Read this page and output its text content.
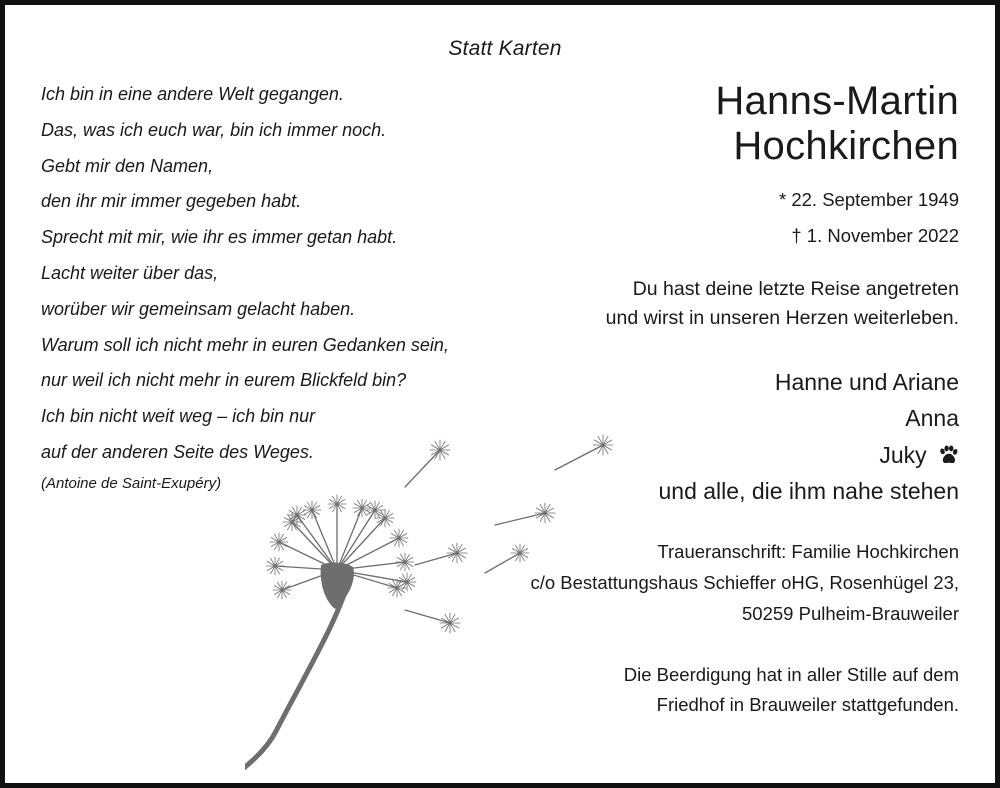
Statt Karten
Ich bin in eine andere Welt gegangen.
Das, was ich euch war, bin ich immer noch.
Gebt mir den Namen,
den ihr mir immer gegeben habt.
Sprecht mit mir, wie ihr es immer getan habt.
Lacht weiter über das,
worüber wir gemeinsam gelacht haben.
Warum soll ich nicht mehr in euren Gedanken sein,
nur weil ich nicht mehr in eurem Blickfeld bin?
Ich bin nicht weit weg – ich bin nur
auf der anderen Seite des Weges.
(Antoine de Saint-Exupéry)
Hanns-Martin
Hochkirchen
* 22. September 1949
† 1. November 2022
Du hast deine letzte Reise angetreten
und wirst in unseren Herzen weiterleben.
Hanne und Ariane
Anna
Juky
und alle, die ihm nahe stehen
Traueranschrift: Familie Hochkirchen
c/o Bestattungshaus Schieffer oHG, Rosenhügel 23,
50259 Pulheim-Brauweiler
Die Beerdigung hat in aller Stille auf dem
Friedhof in Brauweiler stattgefunden.
